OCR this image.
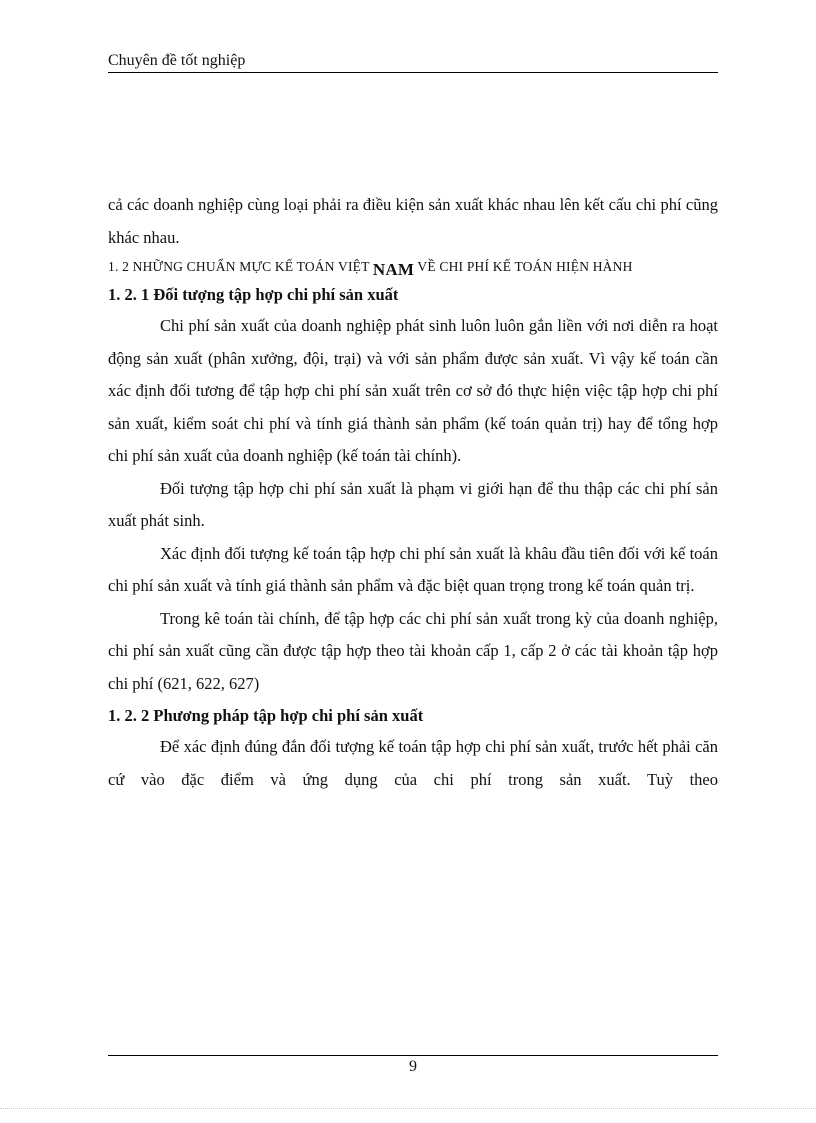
Chuyên đề tốt nghiệp

cả các doanh nghiệp cùng loại phải ra điều kiện sản xuất khác nhau lên kết cấu chi phí cũng khác nhau.

1. 2 NHỮNG CHUẨN MỰC KẾ TOÁN VIỆT NAM VỀ CHI PHÍ KẾ TOÁN HIỆN HÀNH

1. 2. 1 Đối tượng tập hợp chi phí sản xuất

Chi phí sản xuất của doanh nghiệp phát sinh luôn luôn gắn liền với nơi diễn ra hoạt động sản xuất (phân xưởng, đội, trại) và với sản phẩm được sản xuất. Vì vậy kế toán cần xác định đối tương để tập hợp chi phí sản xuất trên cơ sở đó thực hiện việc tập hợp chi phí sản xuất, kiểm soát chi phí và tính giá thành sản phẩm (kế toán quản trị) hay để tổng hợp chi phí sản xuất của doanh nghiệp (kế toán tài chính).

Đối tượng tập hợp chi phí sản xuất là phạm vi giới hạn để thu thập các chi phí sản xuất phát sinh.

Xác định đối tượng kế toán tập hợp chi phí sản xuất là khâu đầu tiên đối với kế toán chi phí sản xuất và tính giá thành sản phẩm và đặc biệt quan trọng trong kế toán quản trị.

Trong kê toán tài chính, để tập hợp các chi phí sản xuất trong kỳ của doanh nghiệp, chi phí sản xuất cũng cần được tập hợp theo tài khoản cấp 1, cấp 2 ở các tài khoản tập hợp chi phí (621, 622, 627)

1. 2. 2 Phương pháp tập hợp chi phí sản xuất

Để xác định đúng đắn đối tượng kế toán tập hợp chi phí sản xuất, trước hết phải căn cứ vào đặc điểm và ứng dụng của chi phí trong sản xuất. Tuỳ theo

9
